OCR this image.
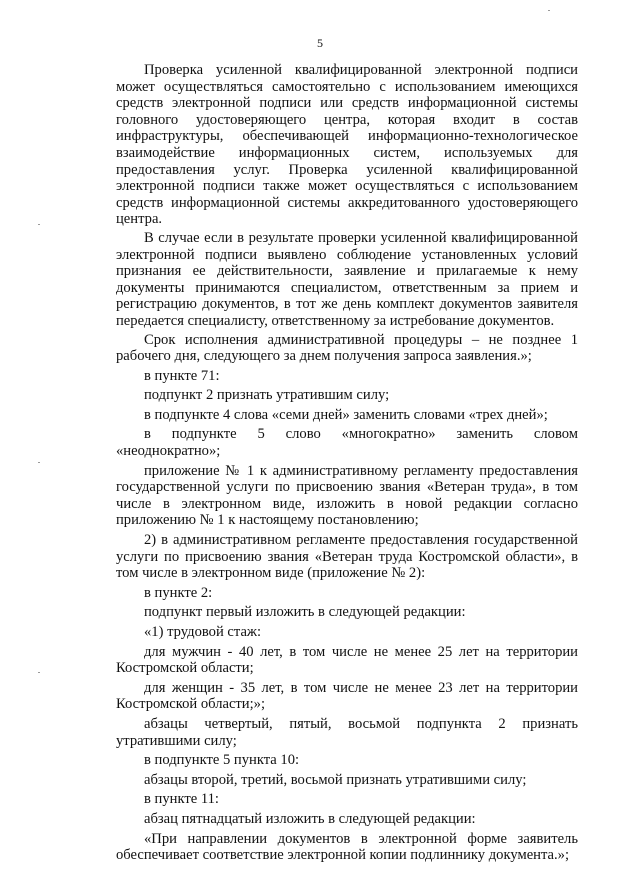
5

Проверка усиленной квалифицированной электронной подписи может осуществляться самостоятельно с использованием имеющихся средств электронной подписи или средств информационной системы головного удостоверяющего центра, которая входит в состав инфраструктуры, обеспечивающей информационно-технологическое взаимодействие информационных систем, используемых для предоставления услуг. Проверка усиленной квалифицированной электронной подписи также может осуществляться с использованием средств информационной системы аккредитованного удостоверяющего центра.

В случае если в результате проверки усиленной квалифицированной электронной подписи выявлено соблюдение установленных условий признания ее действительности, заявление и прилагаемые к нему документы принимаются специалистом, ответственным за прием и регистрацию документов, в тот же день комплект документов заявителя передается специалисту, ответственному за истребование документов.

Срок исполнения административной процедуры – не позднее 1 рабочего дня, следующего за днем получения запроса заявления.»;

в пункте 71:

подпункт 2 признать утратившим силу;

в подпункте 4 слова «семи дней» заменить словами «трех дней»;

в подпункте 5 слово «многократно» заменить словом «неоднократно»;

приложение № 1 к административному регламенту предоставления государственной услуги по присвоению звания «Ветеран труда», в том числе в электронном виде, изложить в новой редакции согласно приложению № 1 к настоящему постановлению;

2) в административном регламенте предоставления государственной услуги по присвоению звания «Ветеран труда Костромской области», в том числе в электронном виде (приложение № 2):

в пункте 2:

подпункт первый изложить в следующей редакции:

«1) трудовой стаж:

для мужчин - 40 лет, в том числе не менее 25 лет на территории Костромской области;

для женщин - 35 лет, в том числе не менее 23 лет на территории Костромской области;»;

абзацы четвертый, пятый, восьмой подпункта 2 признать утратившими силу;

в подпункте 5 пункта 10:

абзацы второй, третий, восьмой признать утратившими силу;

в пункте 11:

абзац пятнадцатый изложить в следующей редакции:

«При направлении документов в электронной форме заявитель обеспечивает соответствие электронной копии подлиннику документа.»;
